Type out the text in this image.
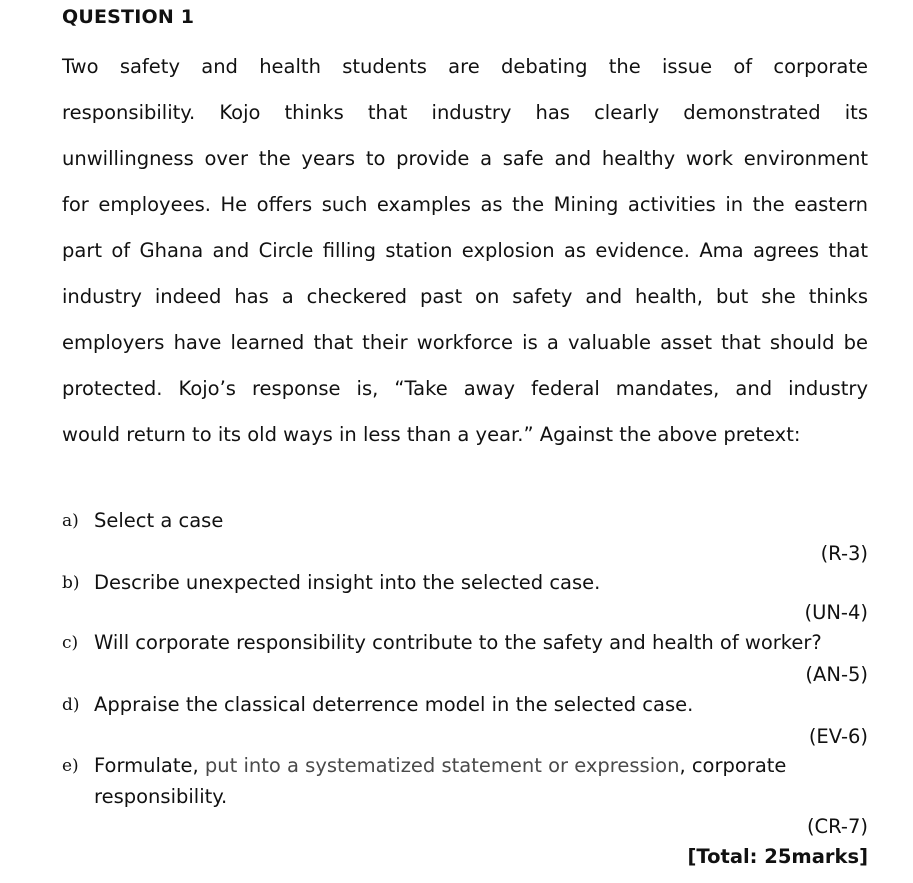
QUESTION 1
Two safety and health students are debating the issue of corporate
responsibility. Kojo thinks that industry has clearly demonstrated its
unwillingness over the years to provide a safe and healthy work environment
for employees. He offers such examples as the Mining activities in the eastern
part of Ghana and Circle filling station explosion as evidence. Ama agrees that
industry indeed has a checkered past on safety and health, but she thinks
employers have learned that their workforce is a valuable asset that should be
protected. Kojo’s response is, “Take away federal mandates, and industry
would return to its old ways in less than a year.” Against the above pretext:
a) Select a case
(R-3)
b) Describe unexpected insight into the selected case.
(UN-4)
c) Will corporate responsibility contribute to the safety and health of worker?
(AN-5)
d) Appraise the classical deterrence model in the selected case.
(EV-6)
e) Formulate, put into a systematized statement or expression, corporate
responsibility.
(CR-7)
[Total: 25marks]
